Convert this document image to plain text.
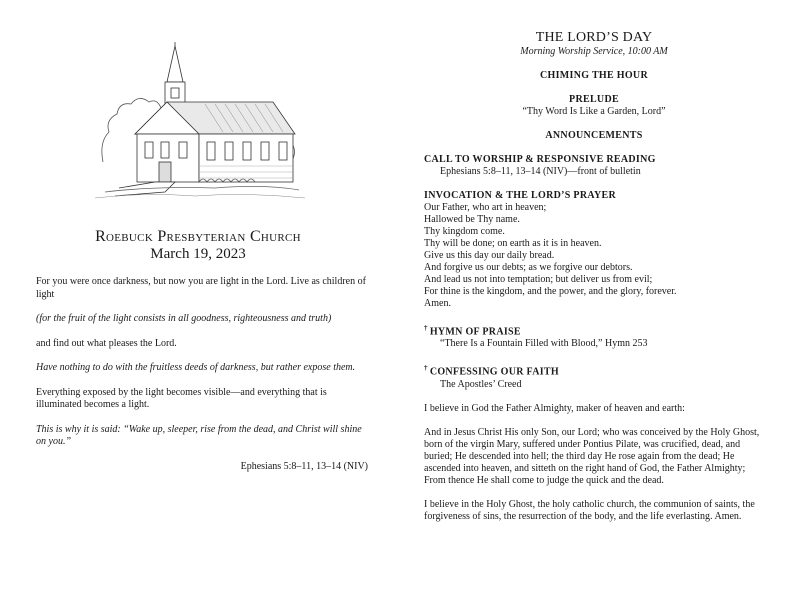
Roebuck Presbyterian Church
March 19, 2023

For you were once darkness, but now you are light in the Lord. Live as children of light

(for the fruit of the light consists in all goodness, righteousness and truth)

and find out what pleases the Lord.

Have nothing to do with the fruitless deeds of darkness, but rather expose them.

Everything exposed by the light becomes visible—and everything that is illuminated becomes a light.

This is why it is said: “Wake up, sleeper, rise from the dead, and Christ will shine on you.”

Ephesians 5:8–11, 13–14 (NIV)

THE LORD’S DAY

Morning Worship Service, 10:00 AM

CHIMING THE HOUR

PRELUDE

“Thy Word Is Like a Garden, Lord”

ANNOUNCEMENTS

CALL TO WORSHIP & RESPONSIVE READING

Ephesians 5:8–11, 13–14 (NIV)—front of bulletin

INVOCATION & THE LORD’S PRAYER

Our Father, who art in heaven;
Hallowed be Thy name.
Thy kingdom come.
Thy will be done; on earth as it is in heaven.
Give us this day our daily bread.
And forgive us our debts; as we forgive our debtors.
And lead us not into temptation; but deliver us from evil;
For thine is the kingdom, and the power, and the glory, forever.
Amen.

† HYMN OF PRAISE

“There Is a Fountain Filled with Blood,” Hymn 253

† CONFESSING OUR FAITH

The Apostles’ Creed

I believe in God the Father Almighty, maker of heaven and earth:

And in Jesus Christ His only Son, our Lord; who was conceived by the Holy Ghost, born of the virgin Mary, suffered under Pontius Pilate, was crucified, dead, and buried; He descended into hell; the third day He rose again from the dead; He ascended into heaven, and sitteth on the right hand of God, the Father Almighty; From thence He shall come to judge the quick and the dead.

I believe in the Holy Ghost, the holy catholic church, the communion of saints, the forgiveness of sins, the resurrection of the body, and the life everlasting. Amen.
